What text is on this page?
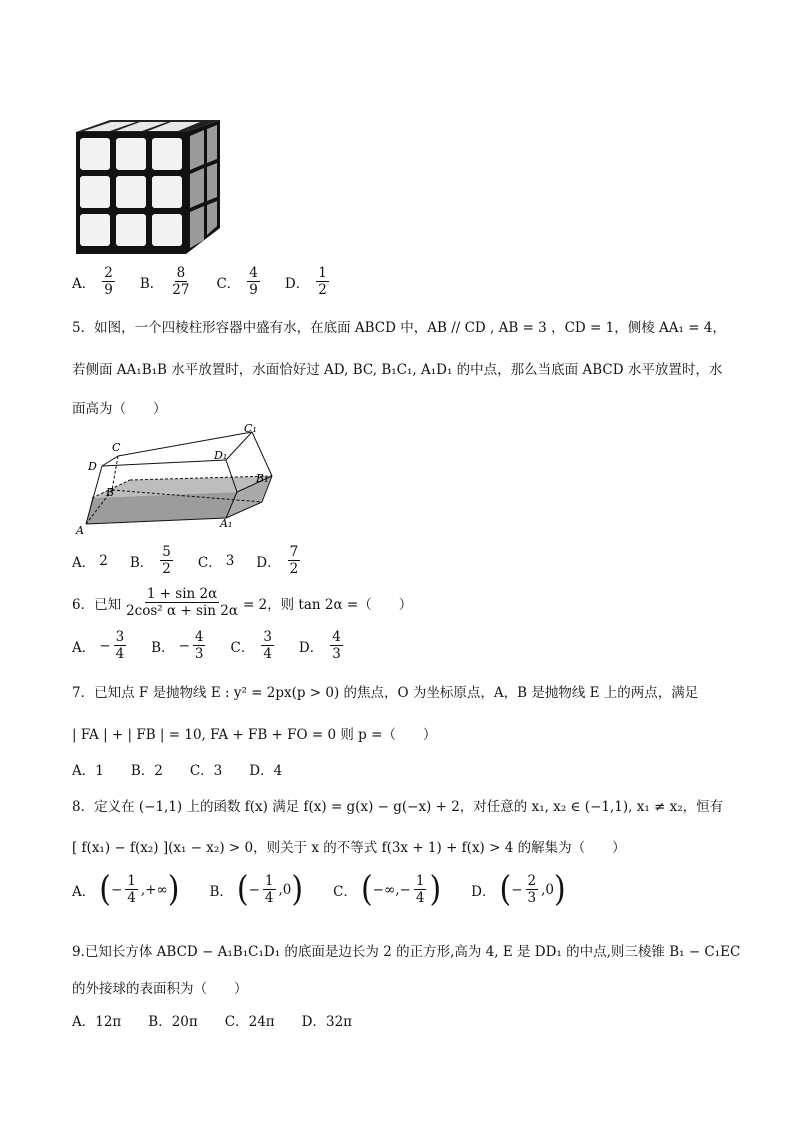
A． $\frac{2}{9}$ B． $\frac{8}{27}$ C． $\frac{4}{9}$ D． $\frac{1}{2}$
5．如图，一个四棱柱形容器中盛有水，在底面 ABCD 中，AB // CD , AB = 3 ，CD = 1，侧棱 AA₁ = 4，
若侧面 AA₁B₁B 水平放置时，水面恰好过 AD, BC, B₁C₁, A₁D₁ 的中点，那么当底面 ABCD 水平放置时，水
面高为（　　）
C
D
B
A
C₁
D₁
B₁
A₁
A． 2 B． $\frac{5}{2}$ C． 3 D． $\frac{7}{2}$
6．已知 $\frac{1 + \sin 2\alpha}{\text{2cos² α + sin 2α}} = 2$，则 tan 2α =（　　）
A． − $\frac{3}{4}$ B． − $\frac{4}{3}$ C． $\frac{3}{4}$ D． $\frac{4}{3}$
7．已知点 F 是抛物线 E : y² = 2px(p > 0) 的焦点，O 为坐标原点，A，B 是抛物线 E 上的两点，满足
| FA | + | FB | = 10, FA + FB + FO = 0 则 p =（　　）
A．1　　B．2　　C．3　　D．4
8．定义在 (−1,1) 上的函数 f(x) 满足 f(x) = g(x) − g(−x) + 2，对任意的 x₁, x₂ ∈ (−1,1), x₁ ≠ x₂，恒有
[ f(x₁) − f(x₂) ](x₁ − x₂) > 0，则关于 x 的不等式 f(3x + 1) + f(x) > 4 的解集为（　　）
A． ( − $\frac{1}{4}$ ,+∞ ) B． ( − $\frac{1}{4} ,0$ ) C． ( −∞,− $\frac{1}{4}$ ) D． ( − $\frac{2}{3} ,0$ )
9.已知长方体 ABCD − A₁B₁C₁D₁ 的底面是边长为 2 的正方形,高为 4, E 是 DD₁ 的中点,则三棱锥 B₁ − C₁EC
的外接球的表面积为（　　）
A．12π　　B．20π　　C．24π　　D．32π
